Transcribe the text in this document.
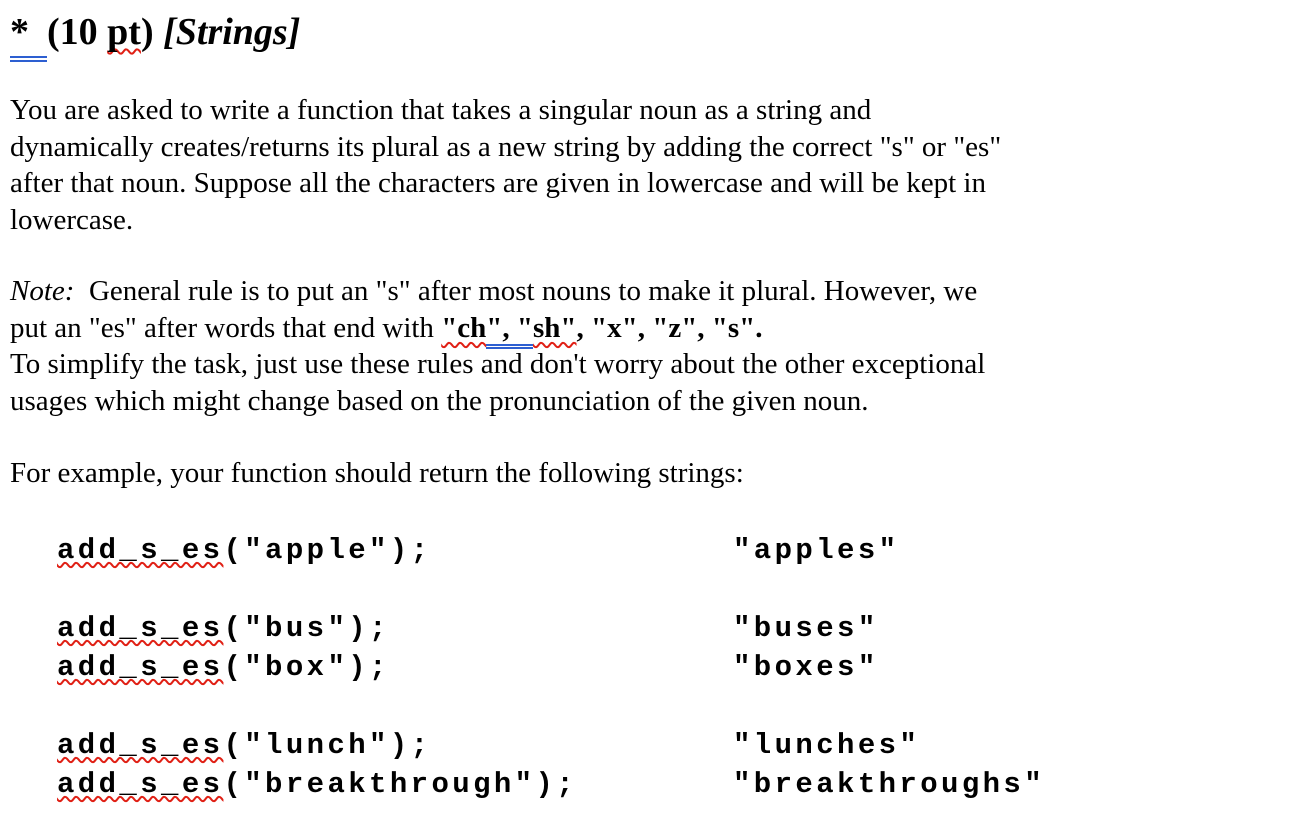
* (10 pt) [Strings]
You are asked to write a function that takes a singular noun as a string and
dynamically creates/returns its plural as a new string by adding the correct "s" or "es"
after that noun. Suppose all the characters are given in lowercase and will be kept in
lowercase.
Note:  General rule is to put an "s" after most nouns to make it plural. However, we
put an "es" after words that end with "ch", "sh", "x", "z", "s".
To simplify the task, just use these rules and don't worry about the other exceptional
usages which might change based on the pronunciation of the given noun.
For example, your function should return the following strings:
add_s_es("apple");	"apples"
add_s_es("bus");	"buses"
add_s_es("box");	"boxes"
add_s_es("lunch");	"lunches"
add_s_es("breakthrough");	"breakthroughs"
